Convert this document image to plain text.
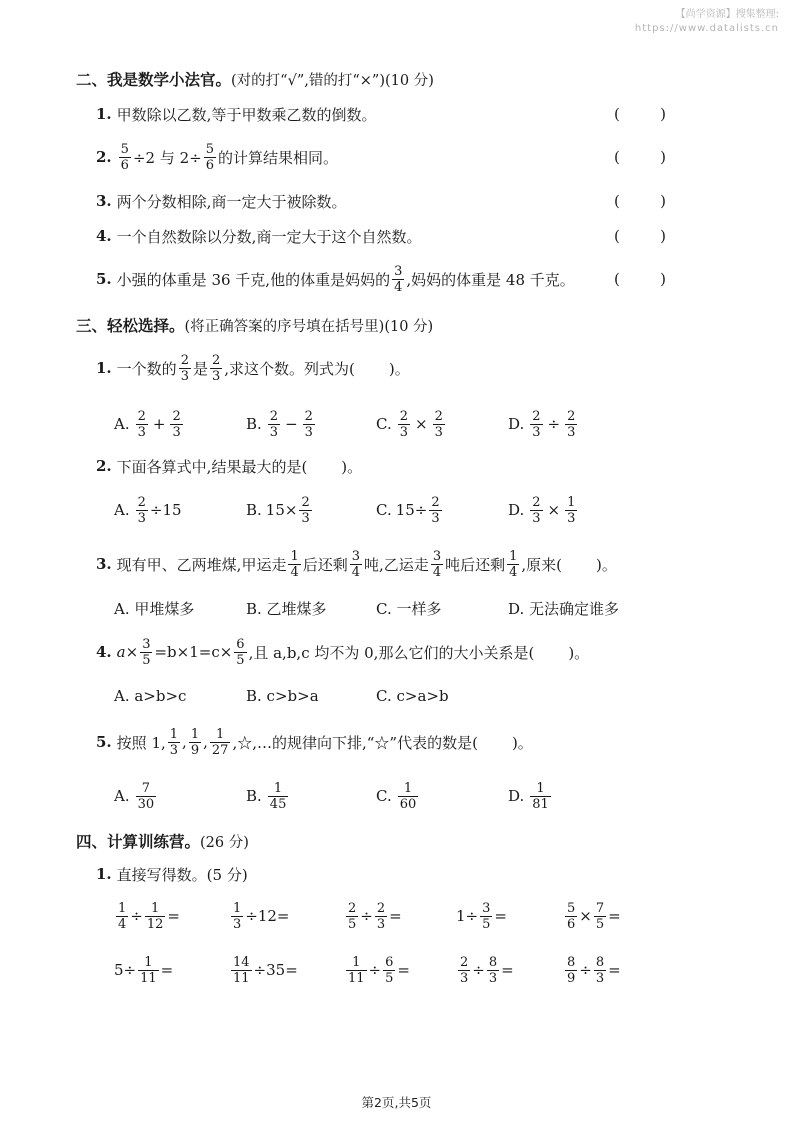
【尚学资源】搜集整理:
https://www.datalists.cn
二、我是数学小法官。 (对的打“√”,错的打“×”)(10 分)
1. 甲数除以乙数,等于甲数乘乙数的倒数。	(	)
2. $\frac{5}{6} \div 2$ 与 $2\div \frac{5}{6}$ 的计算结果相同。	(	)
3. 两个分数相除,商一定大于被除数。	(	)
4. 一个自然数除以分数,商一定大于这个自然数。	(	)
5. 小强的体重是 36 千克,他的体重是妈妈的 $\frac{3}{4}$ ,妈妈的体重是 48 千克。	(	)
三、轻松选择。 (将正确答案的序号填在括号里)(10 分)
1. 一个数的 $\frac{2}{3}$ 是 $\frac{2}{3}$ ,求这个数。列式为( )。
A. $\frac{2}{3} + \frac{2}{3}$	B. $\frac{2}{3} - \frac{2}{3}$	C. $\frac{2}{3} \times \frac{2}{3}$	D. $\frac{2}{3} \div \frac{2}{3}$
2. 下面各算式中,结果最大的是( )。
A. $\frac{2}{3} \div 15$	B. $15\times \frac{2}{3}$	C. $15\div \frac{2}{3}$	D. $\frac{2}{3} \times \frac{1}{3}$
3. 现有甲、乙两堆煤,甲运走 $\frac{1}{4}$ 后还剩 $\frac{3}{4}$ 吨,乙运走 $\frac{3}{4}$ 吨后还剩 $\frac{1}{4}$ ,原来( )。
A. 甲堆煤多	B. 乙堆煤多	C. 一样多	D. 无法确定谁多
4. $a\times \frac{3}{5} =b\times 1=c\times \frac{6}{5}$ ,且 a,b,c 均不为 0,那么它们的大小关系是( )。
A. a>b>c	B. c>b>a	C. c>a>b
5. 按照 1, $\frac{1}{3}$ , $\frac{1}{9}$ , $\frac{1}{27}$ ,☆,…的规律向下排,“☆”代表的数是( )。
A. $\frac{7}{30}$	B. $\frac{1}{45}$	C. $\frac{1}{60}$	D. $\frac{1}{81}$
四、计算训练营。 (26 分)
1. 直接写得数。(5 分)
$\frac{1}{4} \div \frac{1}{12}$ =	$\frac{1}{3} \div 12=$	$\frac{2}{5} \div \frac{2}{3}$ =	$1\div \frac{3}{5}$ =	$\frac{5}{6} \times \frac{7}{5}$ =
$5\div \frac{1}{11}$ =	$\frac{14}{11} \div 35=$	$\frac{1}{11} \div \frac{6}{5}$ =	$\frac{2}{3} \div \frac{8}{3}$ =	$\frac{8}{9} \div \frac{8}{3}$ =
第2页,共5页
